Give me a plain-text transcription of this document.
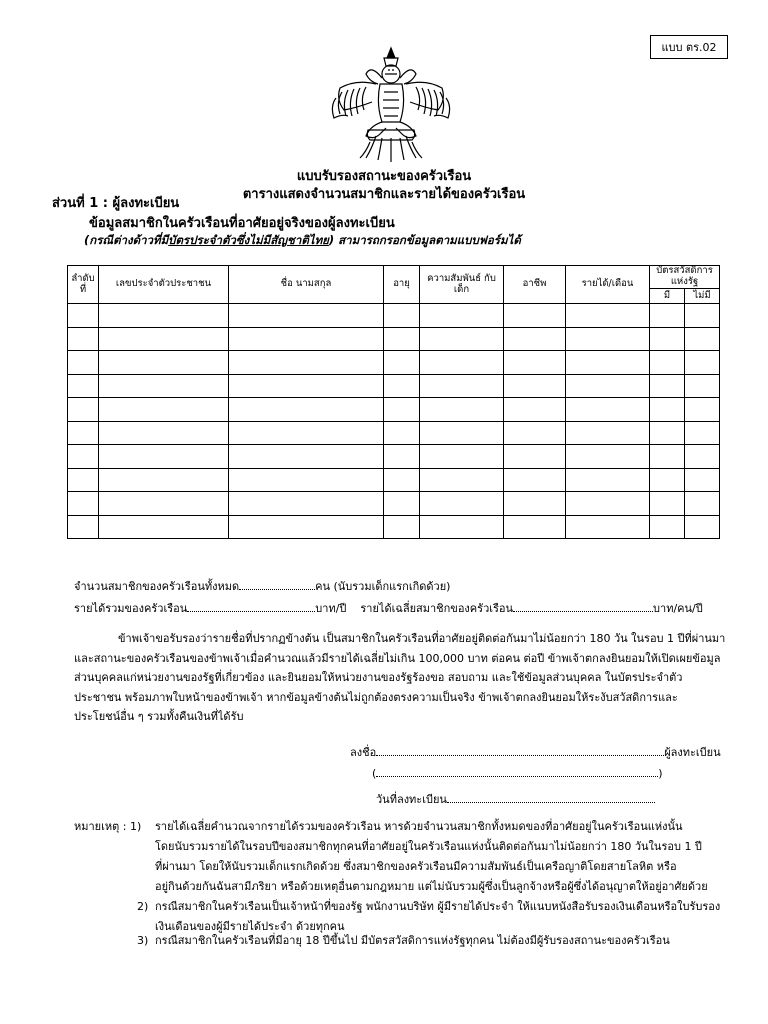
แบบ ตร.02
แบบรับรองสถานะของครัวเรือน
ตารางแสดงจำนวนสมาชิกและรายได้ของครัวเรือน
ส่วนที่ 1 : ผู้ลงทะเบียน
ข้อมูลสมาชิกในครัวเรือนที่อาศัยอยู่จริงของผู้ลงทะเบียน
(กรณีต่างด้าวที่มีบัตรประจำตัวซึ่งไม่มีสัญชาติไทย) สามารถกรอกข้อมูลตามแบบฟอร์มได้
ลำดับ ที่	เลขประจำตัวประชาชน	ชื่อ นามสกุล	อายุ	ความสัมพันธ์ กับเด็ก	อาชีพ	รายได้/เดือน	บัตรสวัสดิการ แห่งรัฐ	
							มี	ไม่มี

จำนวนสมาชิกของครัวเรือนทั้งหมด	คน (นับรวมเด็กแรกเกิดด้วย)
รายได้รวมของครัวเรือน	บาท/ปี รายได้เฉลี่ยสมาชิกของครัวเรือน	บาท/คน/ปี
ข้าพเจ้าขอรับรองว่ารายชื่อที่ปรากฏข้างต้น เป็นสมาชิกในครัวเรือนที่อาศัยอยู่ติดต่อกันมาไม่น้อยกว่า 180 วัน ในรอบ 1 ปีที่ผ่านมา
และสถานะของครัวเรือนของข้าพเจ้าเมื่อคำนวณแล้วมีรายได้เฉลี่ยไม่เกิน 100,000 บาท ต่อคน ต่อปี ข้าพเจ้าตกลงยินยอมให้เปิดเผยข้อมูล
ส่วนบุคคลแก่หน่วยงานของรัฐที่เกี่ยวข้อง และยินยอมให้หน่วยงานของรัฐร้องขอ สอบถาม และใช้ข้อมูลส่วนบุคคล ในบัตรประจำตัว
ประชาชน พร้อมภาพใบหน้าของข้าพเจ้า หากข้อมูลข้างต้นไม่ถูกต้องตรงความเป็นจริง ข้าพเจ้าตกลงยินยอมให้ระงับสวัสดิการและ
ประโยชน์อื่น ๆ รวมทั้งคืนเงินที่ได้รับ
ลงชื่อ	ผู้ลงทะเบียน
(	)
วันที่ลงทะเบียน
หมายเหตุ : 1) รายได้เฉลี่ยคำนวณจากรายได้รวมของครัวเรือน หารด้วยจำนวนสมาชิกทั้งหมดของที่อาศัยอยู่ในครัวเรือนแห่งนั้น
โดยนับรวมรายได้ในรอบปีของสมาชิกทุกคนที่อาศัยอยู่ในครัวเรือนแห่งนั้นติดต่อกันมาไม่น้อยกว่า 180 วันในรอบ 1 ปี
ที่ผ่านมา โดยให้นับรวมเด็กแรกเกิดด้วย ซึ่งสมาชิกของครัวเรือนมีความสัมพันธ์เป็นเครือญาติโดยสายโลหิต หรือ
อยู่กินด้วยกันฉันสามีภริยา หรือด้วยเหตุอื่นตามกฎหมาย แต่ไม่นับรวมผู้ซึ่งเป็นลูกจ้างหรือผู้ซึ่งได้อนุญาตให้อยู่อาศัยด้วย
2) กรณีสมาชิกในครัวเรือนเป็นเจ้าหน้าที่ของรัฐ พนักงานบริษัท ผู้มีรายได้ประจำ ให้แนบหนังสือรับรองเงินเดือนหรือใบรับรอง
เงินเดือนของผู้มีรายได้ประจำ ด้วยทุกคน
3) กรณีสมาชิกในครัวเรือนที่มีอายุ 18 ปีขึ้นไป มีบัตรสวัสดิการแห่งรัฐทุกคน ไม่ต้องมีผู้รับรองสถานะของครัวเรือน
